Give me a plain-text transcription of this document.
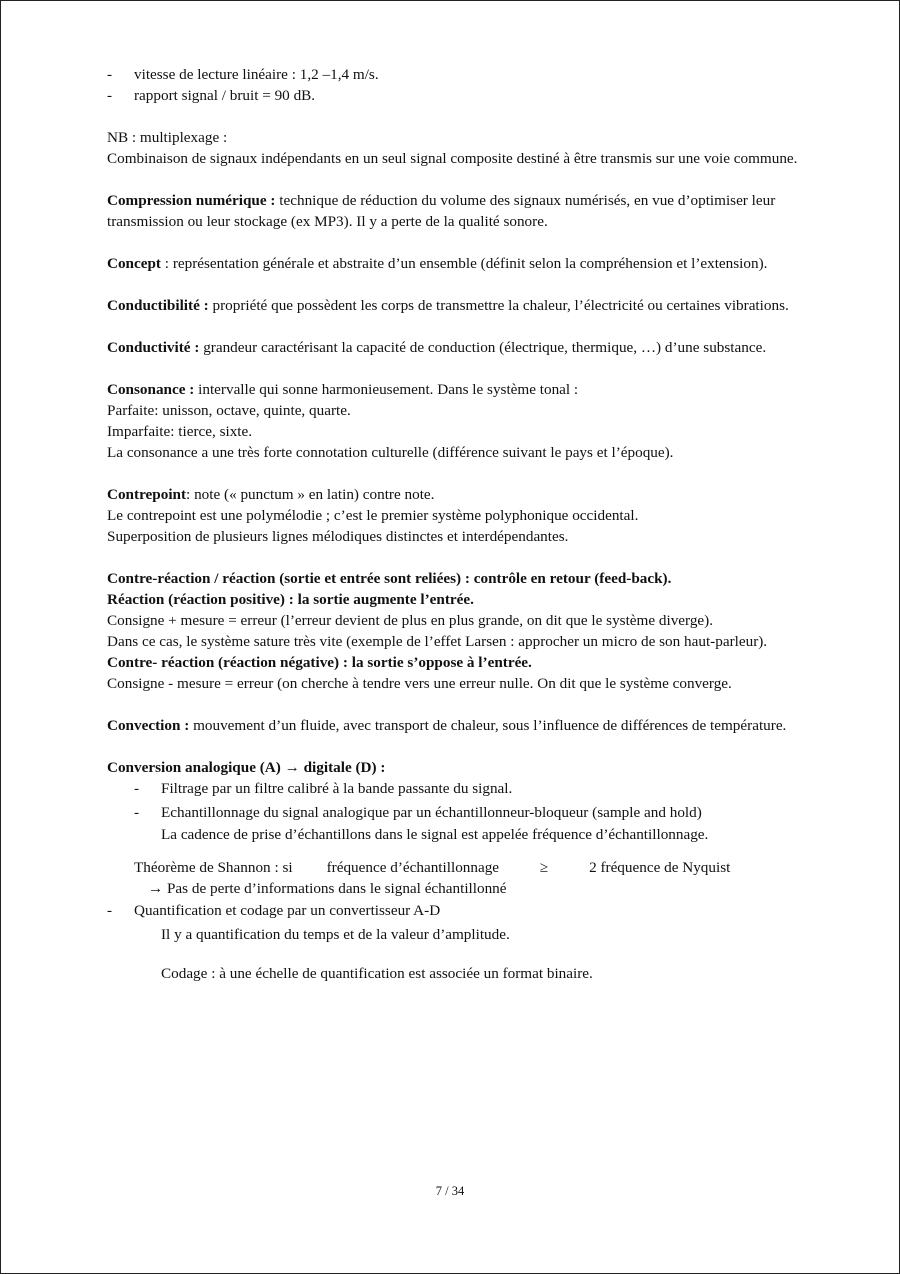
- vitesse de lecture linéaire : 1,2 –1,4 m/s.
- rapport signal / bruit = 90 dB.

NB : multiplexage :

Combinaison de signaux indépendants en un seul signal composite destiné à être transmis sur une voie commune.

Compression numérique : technique de réduction du volume des signaux numérisés, en vue d’optimiser leur transmission ou leur stockage (ex MP3). Il y a perte de la qualité sonore.

Concept : représentation générale et abstraite d’un ensemble (définit selon la compréhension et l’extension).

Conductibilité : propriété que possèdent les corps de transmettre la chaleur, l’électricité ou certaines vibrations.

Conductivité : grandeur caractérisant la capacité de conduction (électrique, thermique, …) d’une substance.

Consonance : intervalle qui sonne harmonieusement. Dans le système tonal :

Parfaite: unisson, octave, quinte, quarte.

Imparfaite: tierce, sixte.

La consonance a une très forte connotation culturelle (différence suivant le pays et l’époque).

Contrepoint: note (« punctum » en latin) contre note.

Le contrepoint est une polymélodie ; c’est le premier système polyphonique occidental.

Superposition de plusieurs lignes mélodiques distinctes et interdépendantes.

Contre-réaction / réaction (sortie et entrée sont reliées) : contrôle en retour (feed-back).

Réaction (réaction positive) : la sortie augmente l’entrée.

Consigne + mesure = erreur (l’erreur devient de plus en plus grande, on dit que le système diverge).

Dans ce cas, le système sature très vite (exemple de l’effet Larsen : approcher un micro de son haut-parleur).

Contre- réaction (réaction négative) : la sortie s’oppose à l’entrée.

Consigne - mesure = erreur (on cherche à tendre vers une erreur nulle. On dit que le système converge.

Convection : mouvement d’un fluide, avec transport de chaleur, sous l’influence de différences de température.

Conversion analogique (A) → digitale (D) :

- Filtrage par un filtre calibré à la bande passante du signal.
- Echantillonnage du signal analogique par un échantillonneur-bloqueur (sample and hold)

La cadence de prise d’échantillons dans le signal est appelée fréquence d’échantillonnage.

Théorème de Shannon : si fréquence d’échantillonnage	≥	2 fréquence de Nyquist

→ Pas de perte d’informations dans le signal échantillonné

- Quantification et codage par un convertisseur A-D

Il y a quantification du temps et de la valeur d’amplitude.

Codage : à une échelle de quantification est associée un format binaire.

7 / 34
